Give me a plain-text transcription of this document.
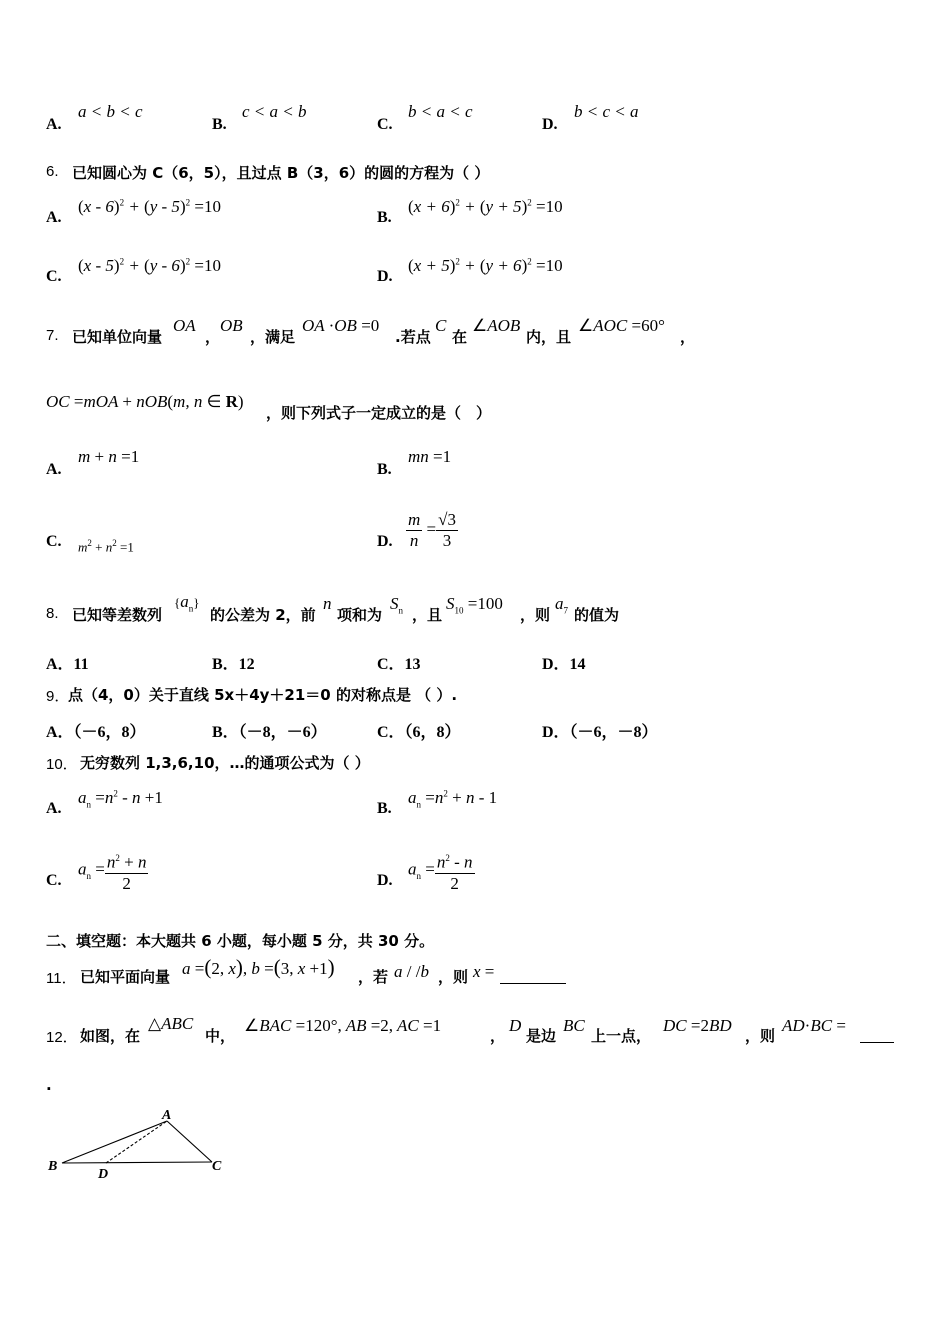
A.
a < b < c
B.
c < a < b
C.
b < a < c
D.
b < c < a
6. 已知圆心为 C（6，5），且过点 B（3，6）的圆的方程为（ ）
A.
(x - 6)$^2$ + (y - 5)$^2$ =10
B.
$(x + 6)^2 + (y + 5)^2 =10$
C.
(x - 5)$^2$ + (y - 6)$^2$ =10
D.
$(x + 5)^2 + (y + 6)^2 =10$
7. 已知单位向量
OA
，
OB
，满足
OA ·OB =0
.若点
C
在
∠AOB
内，且
∠AOC =60°
，
OC =mOA + nOB(m, n ∈ R)
，则下列式子一定成立的是（　）
A.
m + n =1
B.
mn =1
C. $m^2 + n^2 =1$	D. $\frac{m}{n} = \frac{√3}{3}$
8. 已知等差数列
$\{a_n\}$
的公差为 2，前
n
项和为
$S_n$ ，且
$S_{10} =100$
，则
$a_7$ 的值为
A．11	B．12	C．13	D．14
9．
点（4，0）关于直线 5x＋4y＋21＝0 的对称点是 （ ）.
A．（－6，8）	B．（－8，－6）	C．（6，8）	D．（－6，－8）
10． 无穷数列 1,3,6,10，…的通项公式为（ ）
A.
$a_n =n^2 - n +1$
B.
$a_n =n^2 + n - 1$
C.
$a_n = \frac{n^2 + n}{2}$	D.
$a_n = \frac{n^2 - n}{2}$
二、填空题：本大题共 6 小题，每小题 5 分，共 30 分。
11． 已知平面向量 a =(2, x), b =(3, x +1) ，若 a / /b ，则 x =
12． 如图，在
△ABC
中，
∠BAC =120°, AB =2, AC =1
，
D
是边
BC
上一点，
DC =2BD
，则
AD·BC =
.
A
B	C
D
